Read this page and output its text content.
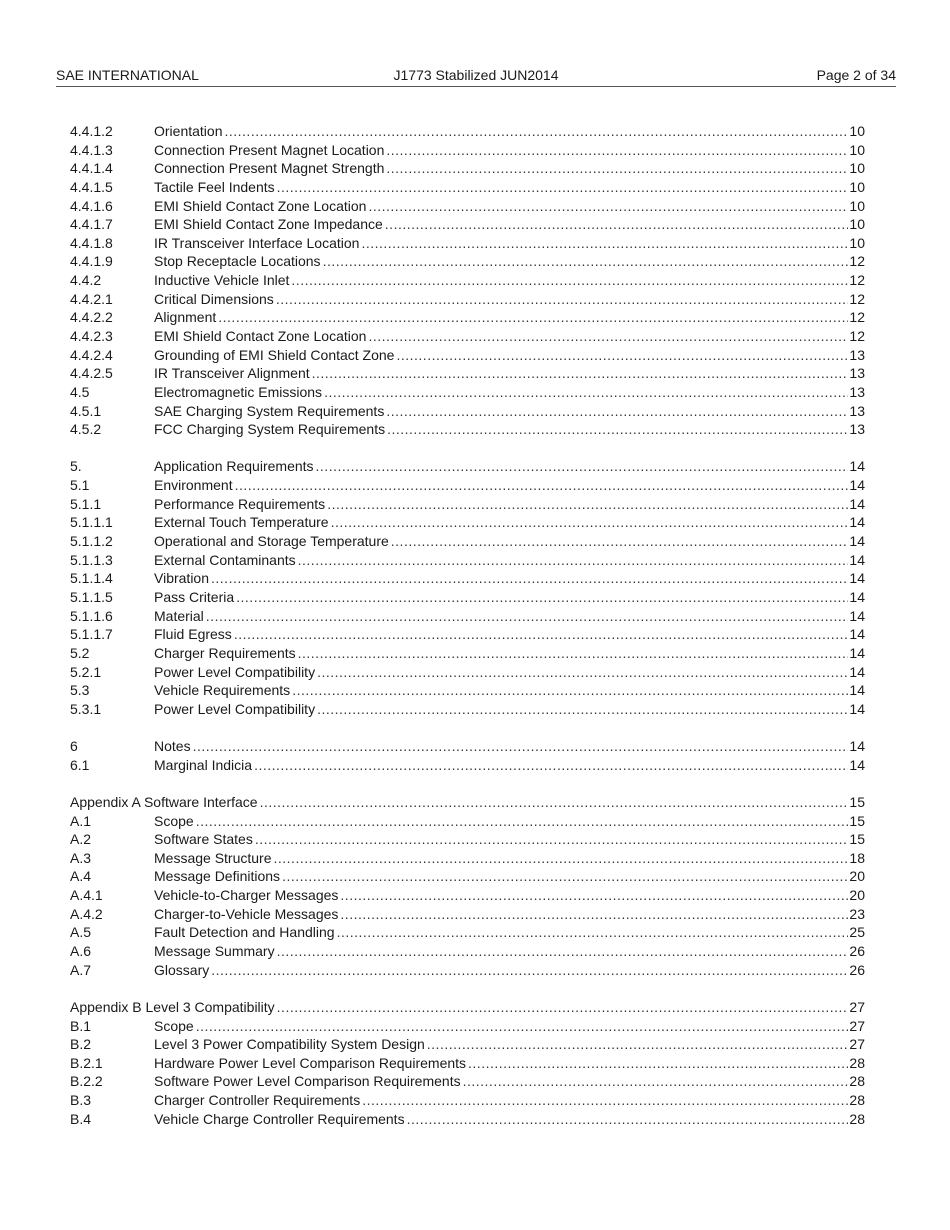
SAE INTERNATIONAL	J1773 Stabilized JUN2014	Page 2 of 34
4.4.1.2	Orientation .....	10
4.4.1.3	Connection Present Magnet Location .....	10
4.4.1.4	Connection Present Magnet Strength .....	10
4.4.1.5	Tactile Feel Indents .....	10
4.4.1.6	EMI Shield Contact Zone Location .....	10
4.4.1.7	EMI Shield Contact Zone Impedance .....	10
4.4.1.8	IR Transceiver Interface Location .....	10
4.4.1.9	Stop Receptacle Locations .....	12
4.4.2	Inductive Vehicle Inlet .....	12
4.4.2.1	Critical Dimensions .....	12
4.4.2.2	Alignment .....	12
4.4.2.3	EMI Shield Contact Zone Location .....	12
4.4.2.4	Grounding of EMI Shield Contact Zone .....	13
4.4.2.5	IR Transceiver Alignment .....	13
4.5	Electromagnetic Emissions .....	13
4.5.1	SAE Charging System Requirements .....	13
4.5.2	FCC Charging System Requirements .....	13
5.	Application Requirements .....	14
5.1	Environment .....	14
5.1.1	Performance Requirements .....	14
5.1.1.1	External Touch Temperature .....	14
5.1.1.2	Operational and Storage Temperature .....	14
5.1.1.3	External Contaminants .....	14
5.1.1.4	Vibration .....	14
5.1.1.5	Pass Criteria .....	14
5.1.1.6	Material .....	14
5.1.1.7	Fluid Egress .....	14
5.2	Charger Requirements .....	14
5.2.1	Power Level Compatibility .....	14
5.3	Vehicle Requirements .....	14
5.3.1	Power Level Compatibility .....	14
6	Notes .....	14
6.1	Marginal Indicia .....	14
Appendix A Software Interface .....	15
A.1	Scope .....	15
A.2	Software States .....	15
A.3	Message Structure .....	18
A.4	Message Definitions .....	20
A.4.1	Vehicle-to-Charger Messages .....	20
A.4.2	Charger-to-Vehicle Messages .....	23
A.5	Fault Detection and Handling .....	25
A.6	Message Summary .....	26
A.7	Glossary .....	26
Appendix B Level 3 Compatibility .....	27
B.1	Scope .....	27
B.2	Level 3 Power Compatibility System Design .....	27
B.2.1	Hardware Power Level Comparison Requirements .....	28
B.2.2	Software Power Level Comparison Requirements .....	28
B.3	Charger Controller Requirements .....	28
B.4	Vehicle Charge Controller Requirements .....	28
